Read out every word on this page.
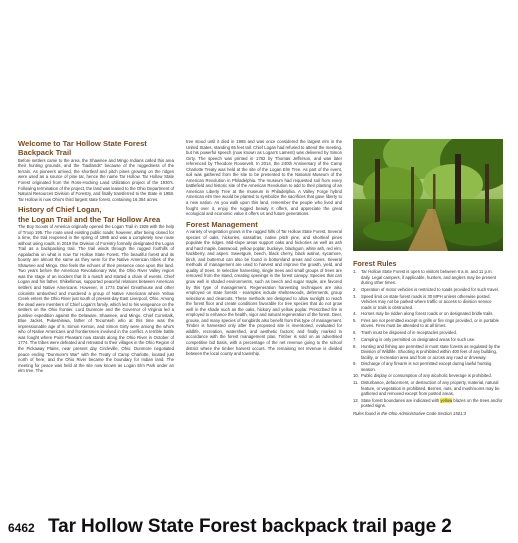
Welcome to Tar Hollow State Forest
Backpack Trail

Before settlers came to the area, the Shawnee and Mingo Indians called this area their hunting grounds, and the "badlands" because of the ruggedness of the terrain. As pioneers arrived, the shortleaf and pitch pines growing on the ridges were used as a source of pine tar, hence the name Tar Hollow. Tar Hollow State Forest originated from the Ross-Hocking Land Utilization project of the 1930's. Following termination of the project, the land was leased to the Ohio Department of Natural Resources Division of Forestry, and finally transferred to the State in 1958. Tar Hollow is now Ohio's third largest state forest, containing 16,354 acres.

History of Chief Logan,
the Logan Trail and the Tar Hollow Area

The Boy Scouts of America originally opened the Logan Trail in 1928 with the help of Troop 195. The route used existing public roads; however, after being closed for a time, the trail reopened in the spring of 1985 and was a completely new route without using roads. In 2019 the Division of Forestry formally designated the Logan Trail as a backpacking trail. The trail winds through the rugged foothills of Appalachia on what is now Tar Hollow State Forest. The beautiful forest and its bounty are almost the same as they were for the Native American tribes of the Shawnee and Mingo. One feels the echoes of their presence once upon this land. Two years before the American Revolutionary War, the Ohio River Valley region was the stage of an incident that lit a match and started a chain of events. Chief Logan and his father, Shikellimus, supported peaceful relations between American settlers and Native Americans. However, in 1774 Daniel Greathouse and other colonists ambushed and murdered a group of Native Americans where Yellow Creek enters the Ohio River just south of present-day East Liverpool, Ohio. Among the dead were members of Chief Logan's family, which led to his vengeance on the settlers on the Ohio frontier. Lord Dunmore and the Governor of Virginia led a punitive expedition against the Delaware, Shawnee, and Mingo. Chief Cornstalk, Blue Jacket, Pukeshinwa, father of Tecumseh who at this time was the impressionable age of 6, Simon Kenton, and Simon Girty were among the who's who of Native Americans and frontiersmen involved in the conflict. A terrible battle was fought where Point Pleasant now stands along the Ohio River in October of 1774. The tribes were defeated and retreated to their villages in the Ohio Region of the Pickaway Plains, near present day Circleville, Ohio. Dunmore negotiated peace ending "Dunmore's War" with the Treaty of Camp Charlotte, located just north of here, and the Ohio River became the boundary for Indian land. The meeting for peace was held at the site now known as Logan Elm Park under an elm tree. The

tree stood until it died in 1965 and was once considered the largest elm in the United States, standing 65 feet tall. Chief Logan had refused to attend the meeting, but his powerful speech (now known as Logan's Lament) was delivered by Simon Girty. The speech was printed in 1782 by Thomas Jefferson, and was later referenced by Theodore Roosevelt. In 2014, the 240th Anniversary of the Camp Charlotte Treaty was held at the site of the Logan Elm Tree. As part of the event, soil was gathered from the site to be presented to the National Museum of the American Revolution in Philadelphia. The museum had requested soil from every battlefield and historic site of the American Revolution to add to their planting of an American Liberty Tree at the museum in Philadelphia. A Valley Forge hybrid American elm tree would be planted to symbolize the sacrifices that gave liberty to a new nation. As you walk upon this land, remember the people who lived and fought over it, enjoy the rugged beauty it offers, and appreciate the great ecological and economic value it offers us and future generations.

Forest Management

A variety of vegetation grows in the rugged hills of Tar Hollow State Forest. Several species of oaks, hickories, sassafras, native pitch pine, and shortleaf pines populate the ridges. Mid-slope areas support oaks and hickories as well as ash and hard maple, basswood, yellow poplar, buckeye, blackgum, white ash, red elm, hackberry, and aspen. Sweetgum, beech, black cherry, black walnut, sycamore, birch, and butternut can also be found in bottomland areas and coves. Several methods of management are used to harvest and improve the growth, yield, and quality of trees. In selective harvesting, single trees and small groups of trees are removed from the stand, creating openings in the forest canopy. Species that can grow well in shaded environments, such as beech and sugar maple, are favored by this type of management. Regeneration harvesting techniques are also employed on state forests - examples include shelterwoods, deferments, group selections and clearcuts. These methods are designed to allow sunlight to reach the forest floor and create conditions favorable for tree species that do not grow well in the shade such as the oaks, hickory and yellow poplar. Prescribed fire is employed to enhance the health, vigor and natural regeneration of the forest. Deer, grouse, and many species of songbirds also benefit from this type of management. Timber is harvested only after the proposed site is inventoried, evaluated for wildlife, recreation, watershed, and aesthetic factors; and finally marked in accordance with the forest management plan. Timber is sold on an advertised competitive bid basis, with a percentage of the net revenue going to the school district where the timber harvest occurs. The remaining net revenue is divided between the local county and township.

Forest Rules
1. Tar Hollow State Forest is open to visitors between 6 a.m. and 11 p.m. daily. Legal campers, if applicable, hunters, and anglers may be present during other times.
2. Operation of motor vehicles is restricted to roads provided for such travel.
3. Speed limit on state forest roads is 30 MPH unless otherwise posted. Vehicles may not be parked where traffic or access to division service roads or trails is obstructed.
4. Horses may be ridden along forest roads or on designated bridle trails.
5. Fires are not permitted except in grills or fire rings provided, or in portable stoves. Fires must be attended to at all times.
6. Trash must be disposed of in receptacles provided.
7. Camping is only permitted on designated areas for such use.
8. Hunting and fishing are permitted in most state forests as regulated by the Division of Wildlife. Shooting is prohibited within 400 feet of any building, facility, or recreation area and from or across any road or driveway.
9. Discharge of any firearm is not permitted except during lawful hunting season.
10. Public display or consumption of any alcoholic beverage is prohibited.
11. Disturbance, defacement, or destruction of any property, material, natural feature, or vegetation is prohibited. Berries, nuts, and mushrooms may be gathered and removed except from posted areas.
12. State forest boundaries are indicated with yellow blazes on the trees and/or posted signs.
Rules found in the Ohio Administrative Code Section 1501:3
6462 Tar Hollow State Forest backpack trail page 2
